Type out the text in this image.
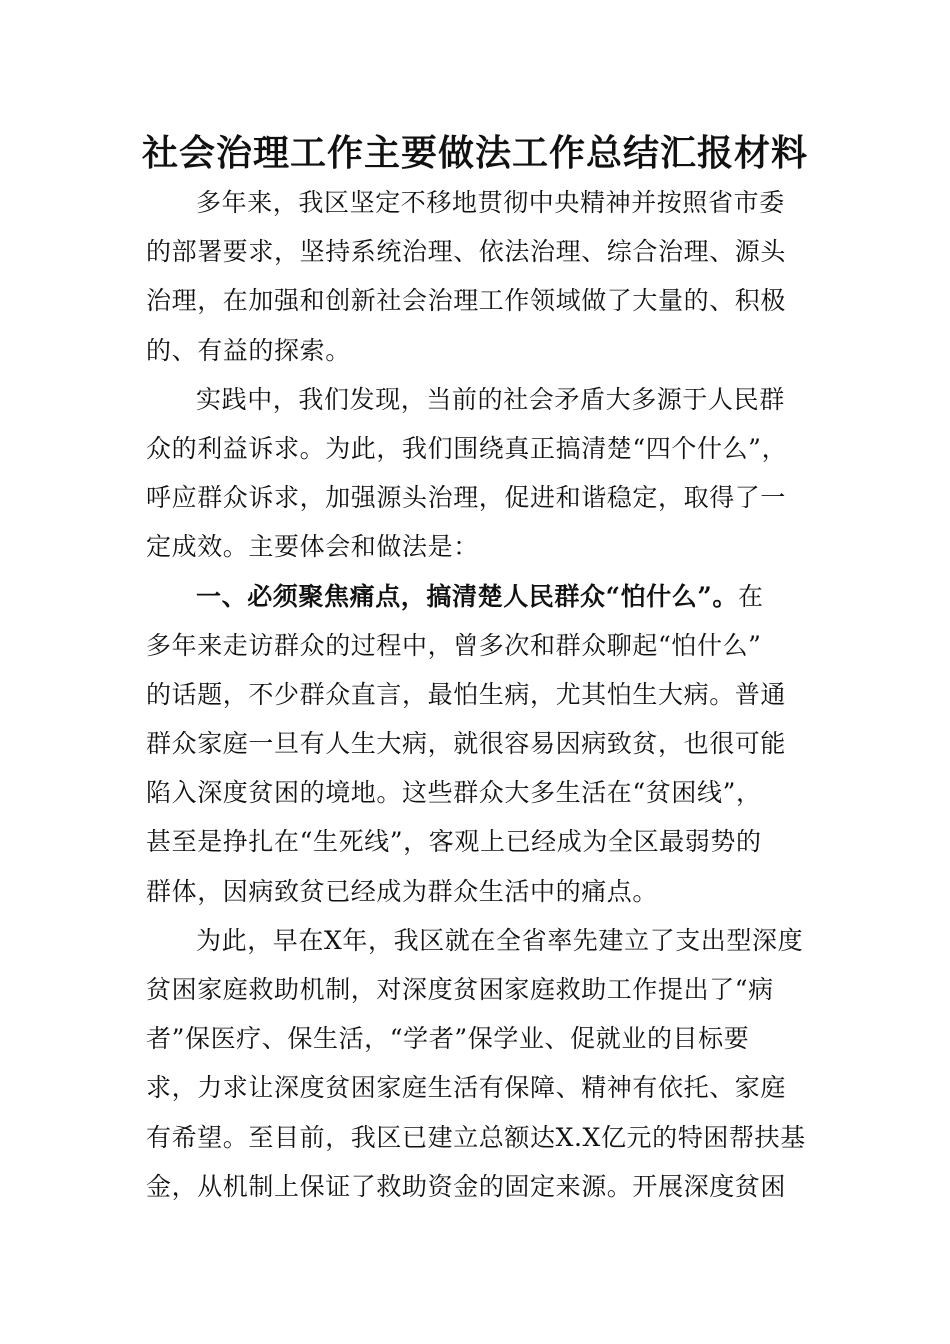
社会治理工作主要做法工作总结汇报材料
多年来，我区坚定不移地贯彻中央精神并按照省市委
的部署要求，坚持系统治理、依法治理、综合治理、源头
治理，在加强和创新社会治理工作领域做了大量的、积极
的、有益的探索。
实践中，我们发现，当前的社会矛盾大多源于人民群
众的利益诉求。为此，我们围绕真正搞清楚“四个什么”，
呼应群众诉求，加强源头治理，促进和谐稳定，取得了一
定成效。主要体会和做法是：
一、必须聚焦痛点，搞清楚人民群众“怕什么”。在
多年来走访群众的过程中，曾多次和群众聊起“怕什么”
的话题，不少群众直言，最怕生病，尤其怕生大病。普通
群众家庭一旦有人生大病，就很容易因病致贫，也很可能
陷入深度贫困的境地。这些群众大多生活在“贫困线”，
甚至是挣扎在“生死线”，客观上已经成为全区最弱势的
群体，因病致贫已经成为群众生活中的痛点。
为此，早在X年，我区就在全省率先建立了支出型深度
贫困家庭救助机制，对深度贫困家庭救助工作提出了“病
者”保医疗、保生活，“学者”保学业、促就业的目标要
求，力求让深度贫困家庭生活有保障、精神有依托、家庭
有希望。至目前，我区已建立总额达X.X亿元的特困帮扶基
金，从机制上保证了救助资金的固定来源。开展深度贫困
